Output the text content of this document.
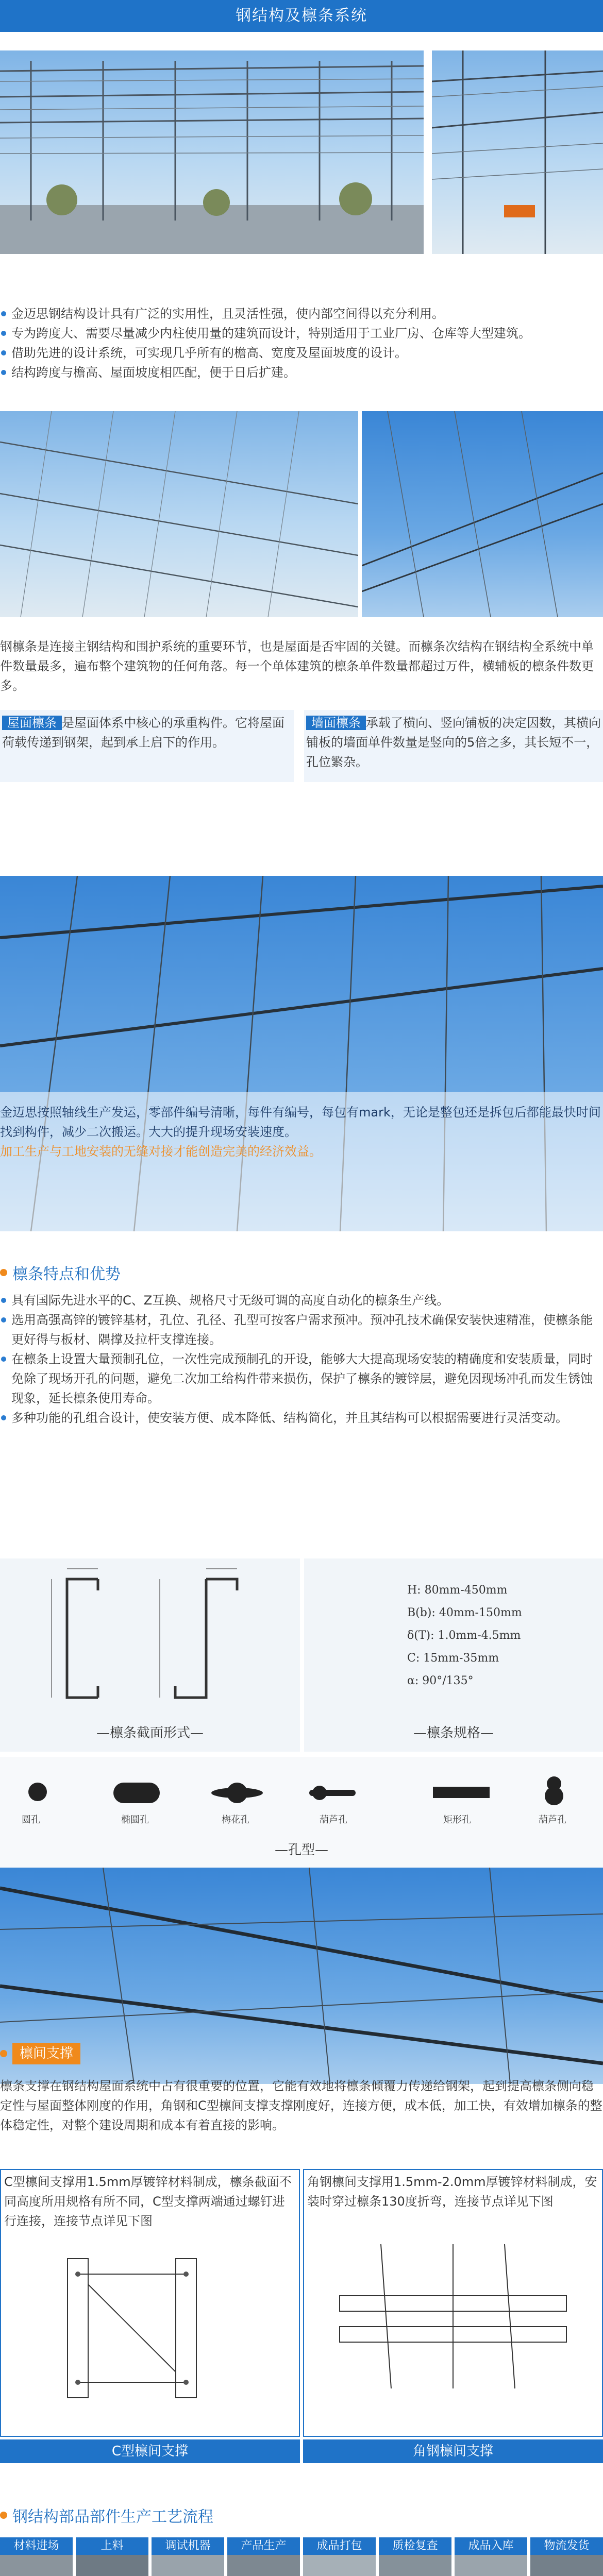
钢结构及檩条系统
金迈思钢结构设计具有广泛的实用性，且灵活性强，使内部空间得以充分利用。
专为跨度大、需要尽量减少内柱使用量的建筑而设计，特别适用于工业厂房、仓库等大型建筑。
借助先进的设计系统，可实现几乎所有的檐高、宽度及屋面坡度的设计。
结构跨度与檐高、屋面坡度相匹配，便于日后扩建。

钢檩条是连接主钢结构和围护系统的重要环节，也是屋面是否牢固的关键。而檩条次结构在钢结构全系统中单件数量最多，遍布整个建筑物的任何角落。每一个单体建筑的檩条单件数量都超过万件，横辅板的檩条件数更多。

屋面檩条 是屋面体系中核心的承重构件。它将屋面荷载传递到钢架，起到承上启下的作用。

墙面檩条 承载了横向、竖向铺板的决定因数，其横向铺板的墙面单件数量是竖向的5倍之多，其长短不一，孔位繁杂。

金迈思按照轴线生产发运，零部件编号清晰，每件有编号，每包有mark，无论是整包还是拆包后都能最快时间找到构件，减少二次搬运。大大的提升现场安装速度。

加工生产与工地安装的无缝对接才能创造完美的经济效益。

檩条特点和优势
具有国际先进水平的C、Z互换、规格尺寸无级可调的高度自动化的檩条生产线。
选用高强高锌的镀锌基材，孔位、孔径、孔型可按客户需求预冲。预冲孔技术确保安装快速精准，使檩条能更好得与板材、隅撑及拉杆支撑连接。
在檩条上设置大量预制孔位，一次性完成预制孔的开设，能够大大提高现场安装的精确度和安装质量，同时免除了现场开孔的问题，避免二次加工给构件带来损伤，保护了檩条的镀锌层，避免因现场冲孔而发生锈蚀现象，延长檩条使用寿命。
多种功能的孔组合设计，使安装方便、成本降低、结构简化，并且其结构可以根据需要进行灵活变动。
—檩条截面形式—
H: 80mm-450mm
B(b): 40mm-150mm
δ(T): 1.0mm-4.5mm
C: 15mm-35mm
α: 90°/135°
—檩条规格—
圆孔	椭圆孔	梅花孔	葫芦孔	矩形孔	葫芦孔
—孔型—
檩间支撑

檩条支撑在钢结构屋面系统中占有很重要的位置，它能有效地将檩条倾覆力传递给钢架，起到提高檩条侧向稳定性与屋面整体刚度的作用，角钢和C型檩间支撑支撑刚度好，连接方便，成本低，加工快，有效增加檩条的整体稳定性，对整个建设周期和成本有着直接的影响。

C型檩间支撑用1.5mm厚镀锌材料制成，檩条截面不同高度所用规格有所不同，C型支撑两端通过螺钉进行连接，连接节点详见下图

角钢檩间支撑用1.5mm-2.0mm厚镀锌材料制成，安装时穿过檩条130度折弯，连接节点详见下图

C型檩间支撑	角钢檩间支撑
钢结构部品部件生产工艺流程
材料进场	上料	调试机器	产品生产	成品打包	质检复查	成品入库	物流发货
